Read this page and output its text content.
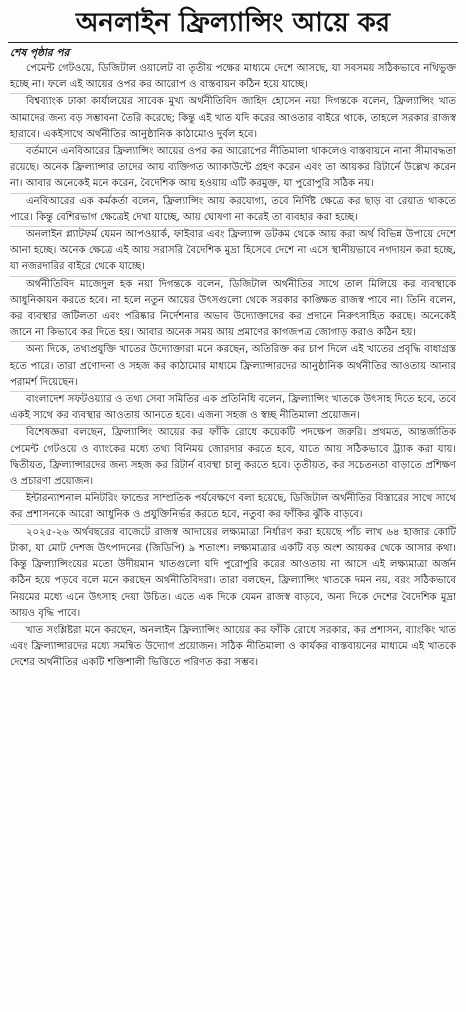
অনলাইন ফ্রিল্যান্সিং আয়ে কর
শেষ পৃষ্ঠার পর

পেমেন্ট গেটওয়ে, ডিজিটাল ওয়ালেট বা তৃতীয় পক্ষের মাধ্যমে দেশে আসছে, যা সবসময় সঠিকভাবে নথিভুক্ত হচ্ছে না। ফলে এই আয়ের ওপর কর আরোপ ও বাস্তবায়ন কঠিন হয়ে যাচ্ছে।

বিশ্বব্যাংক ঢাকা কার্যালয়ের সাবেক মুখ্য অর্থনীতিবিদ জাহিদ হোসেন নয়া দিগন্তকে বলেন, ফ্রিল্যান্সিং খাত আমাদের জন্য বড় সম্ভাবনা তৈরি করেছে; কিন্তু এই খাত যদি করের আওতার বাইরে থাকে, তাহলে সরকার রাজস্ব হারাবে। একইসাথে অর্থনীতির আনুষ্ঠানিক কাঠামোও দুর্বল হবে।

বর্তমানে এনবিআরের ফ্রিল্যান্সিং আয়ের ওপর কর আরোপের নীতিমালা থাকলেও বাস্তবায়নে নানা সীমাবদ্ধতা রয়েছে। অনেক ফ্রিল্যান্সার তাদের আয় ব্যক্তিগত অ্যাকাউন্টে গ্রহণ করেন এবং তা আয়কর রিটার্নে উল্লেখ করেন না। আবার অনেকেই মনে করেন, বৈদেশিক আয় হওয়ায় এটি করমুক্ত, যা পুরোপুরি সঠিক নয়।

এনবিআরের এক কর্মকর্তা বলেন, ফ্রিল্যান্সিং আয় করযোগ্য, তবে নির্দিষ্ট ক্ষেত্রে কর ছাড় বা রেয়াত থাকতে পারে। কিন্তু বেশিরভাগ ক্ষেত্রেই দেখা যাচ্ছে, আয় ঘোষণা না করেই তা ব্যবহার করা হচ্ছে।

অনলাইন প্ল্যাটফর্ম যেমন আপওয়ার্ক, ফাইবার এবং ফ্রিল্যান্স ডটকম থেকে আয় করা অর্থ বিভিন্ন উপায়ে দেশে আনা হচ্ছে। অনেক ক্ষেত্রে এই আয় সরাসরি বৈদেশিক মুদ্রা হিসেবে দেশে না এসে স্থানীয়ভাবে নগদায়ন করা হচ্ছে, যা নজরদারির বাইরে থেকে যাচ্ছে।

অর্থনীতিবিদ মাজেদুল হক নয়া দিগন্তকে বলেন, ডিজিটাল অর্থনীতির সাথে তাল মিলিয়ে কর ব্যবস্থাকে আধুনিকায়ন করতে হবে। না হলে নতুন আয়ের উৎসগুলো থেকে সরকার কাঙ্ক্ষিত রাজস্ব পাবে না। তিনি বলেন, কর ব্যবস্থার জটিলতা এবং পরিষ্কার নির্দেশনার অভাব উদ্যোক্তাদের কর প্রদানে নিরুৎসাহিত করছে। অনেকেই জানে না কিভাবে কর দিতে হয়। আবার অনেক সময় আয় প্রমাণের কাগজপত্র জোগাড় করাও কঠিন হয়।

অন্য দিকে, তথ্যপ্রযুক্তি খাতের উদ্যোক্তারা মনে করছেন, অতিরিক্ত কর চাপ দিলে এই খাতের প্রবৃদ্ধি বাধাগ্রস্ত হতে পারে। তারা প্রণোদনা ও সহজ কর কাঠামোর মাধ্যমে ফ্রিল্যান্সারদের আনুষ্ঠানিক অর্থনীতির আওতায় আনার পরামর্শ দিয়েছেন।

বাংলাদেশ সফটওয়্যার ও তথ্য সেবা সমিতির এক প্রতিনিধি বলেন, ফ্রিল্যান্সিং খাতকে উৎসাহ দিতে হবে, তবে একই সাথে কর ব্যবস্থার আওতায় আনতে হবে। এজন্য সহজ ও স্বচ্ছ নীতিমালা প্রয়োজন।

বিশেষজ্ঞরা বলছেন, ফ্রিল্যান্সিং আয়ের কর ফাঁকি রোধে কয়েকটি পদক্ষেপ জরুরি। প্রথমত, আন্তর্জাতিক পেমেন্ট গেটওয়ে ও ব্যাংকের মধ্যে তথ্য বিনিময় জোরদার করতে হবে, যাতে আয় সঠিকভাবে ট্র্যাক করা যায়। দ্বিতীয়ত, ফ্রিল্যান্সারদের জন্য সহজ কর রিটার্ন ব্যবস্থা চালু করতে হবে। তৃতীয়ত, কর সচেতনতা বাড়াতে প্রশিক্ষণ ও প্রচারণা প্রয়োজন।

ইন্টারন্যাশনাল মনিটরিং ফান্ডের সাম্প্রতিক পর্যবেক্ষণে বলা হয়েছে, ডিজিটাল অর্থনীতির বিস্তারের সাথে সাথে কর প্রশাসনকে আরো আধুনিক ও প্রযুক্তিনির্ভর করতে হবে, নতুবা কর ফাঁকির ঝুঁকি বাড়বে।

২০২৫-২৬ অর্থবছরের বাজেটে রাজস্ব আদায়ের লক্ষ্যমাত্রা নির্ধারণ করা হয়েছে পাঁচ লাখ ৬৪ হাজার কোটি টাকা, যা মোট দেশজ উৎপাদনের (জিডিপি) ৯ শতাংশ। লক্ষ্যমাত্রার একটি বড় অংশ আয়কর থেকে আসার কথা। কিন্তু ফ্রিল্যান্সিংয়ের মতো উদীয়মান খাতগুলো যদি পুরোপুরি করের আওতায় না আসে এই লক্ষ্যমাত্রা অর্জন কঠিন হয়ে পড়বে বলে মনে করছেন অর্থনীতিবিদরা। তারা বলছেন, ফ্রিল্যান্সিং খাতকে দমন নয়, বরং সঠিকভাবে নিয়মের মধ্যে এনে উৎসাহ দেয়া উচিত। এতে এক দিকে যেমন রাজস্ব বাড়বে, অন্য দিকে দেশের বৈদেশিক মুদ্রা আয়ও বৃদ্ধি পাবে।

খাত সংশ্লিষ্টরা মনে করছেন, অনলাইন ফ্রিল্যান্সিং আয়ের কর ফাঁকি রোধে সরকার, কর প্রশাসন, ব্যাংকিং খাত এবং ফ্রিল্যান্সারদের মধ্যে সমন্বিত উদ্যোগ প্রয়োজন। সঠিক নীতিমালা ও কার্যকর বাস্তবায়নের মাধ্যমে এই খাতকে দেশের অর্থনীতির একটি শক্তিশালী ভিত্তিতে পরিণত করা সম্ভব।
